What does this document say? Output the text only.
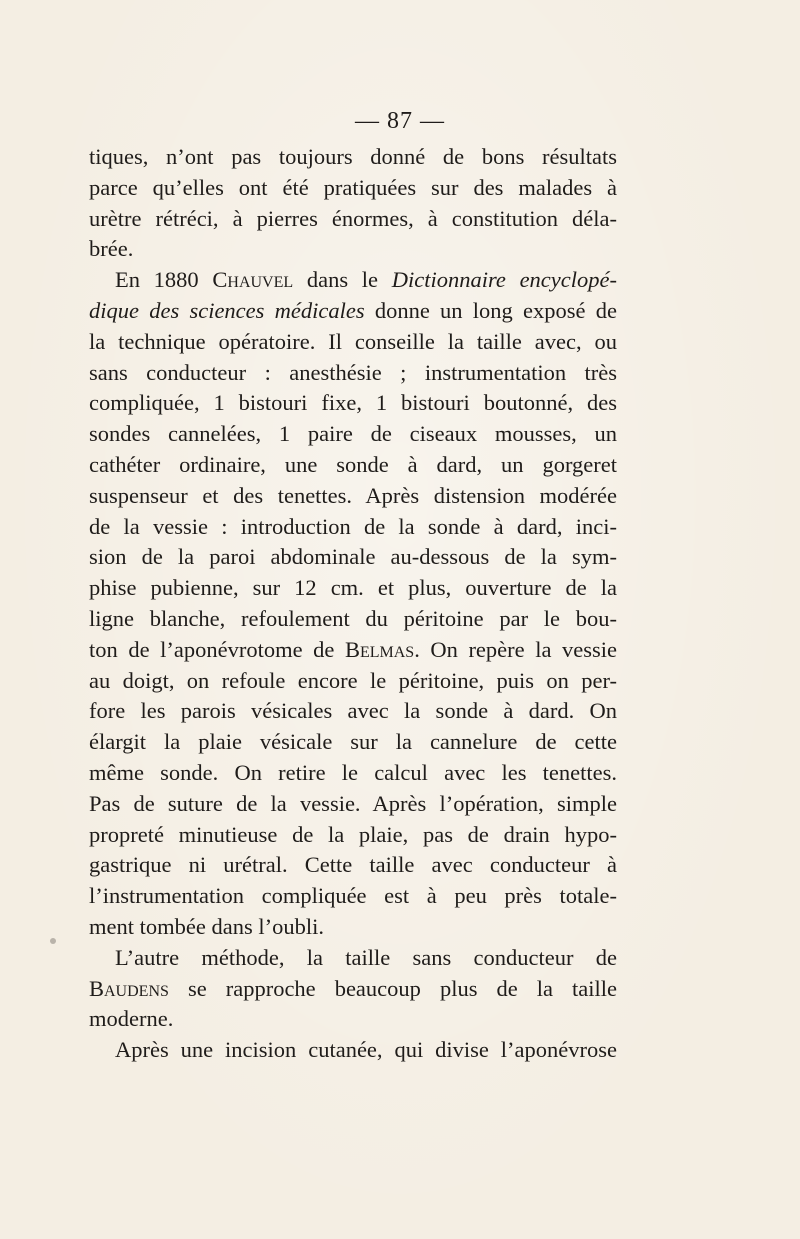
— 87 —
tiques, n’ont pas toujours donné de bons résultats
parce qu’elles ont été pratiquées sur des malades à
urètre rétréci, à pierres énormes, à constitution déla-
brée.
En 1880 Chauvel dans le Dictionnaire encyclopé-
dique des sciences médicales donne un long exposé de
la technique opératoire. Il conseille la taille avec, ou
sans conducteur : anesthésie ; instrumentation très
compliquée, 1 bistouri fixe, 1 bistouri boutonné, des
sondes cannelées, 1 paire de ciseaux mousses, un
cathéter ordinaire, une sonde à dard, un gorgeret
suspenseur et des tenettes. Après distension modérée
de la vessie : introduction de la sonde à dard, inci-
sion de la paroi abdominale au-dessous de la sym-
phise pubienne, sur 12 cm. et plus, ouverture de la
ligne blanche, refoulement du péritoine par le bou-
ton de l’aponévrotome de Belmas. On repère la vessie
au doigt, on refoule encore le péritoine, puis on per-
fore les parois vésicales avec la sonde à dard. On
élargit la plaie vésicale sur la cannelure de cette
même sonde. On retire le calcul avec les tenettes.
Pas de suture de la vessie. Après l’opération, simple
propreté minutieuse de la plaie, pas de drain hypo-
gastrique ni urétral. Cette taille avec conducteur à
l’instrumentation compliquée est à peu près totale-
ment tombée dans l’oubli.
L’autre méthode, la taille sans conducteur de
Baudens se rapproche beaucoup plus de la taille
moderne.
Après une incision cutanée, qui divise l’aponévrose
